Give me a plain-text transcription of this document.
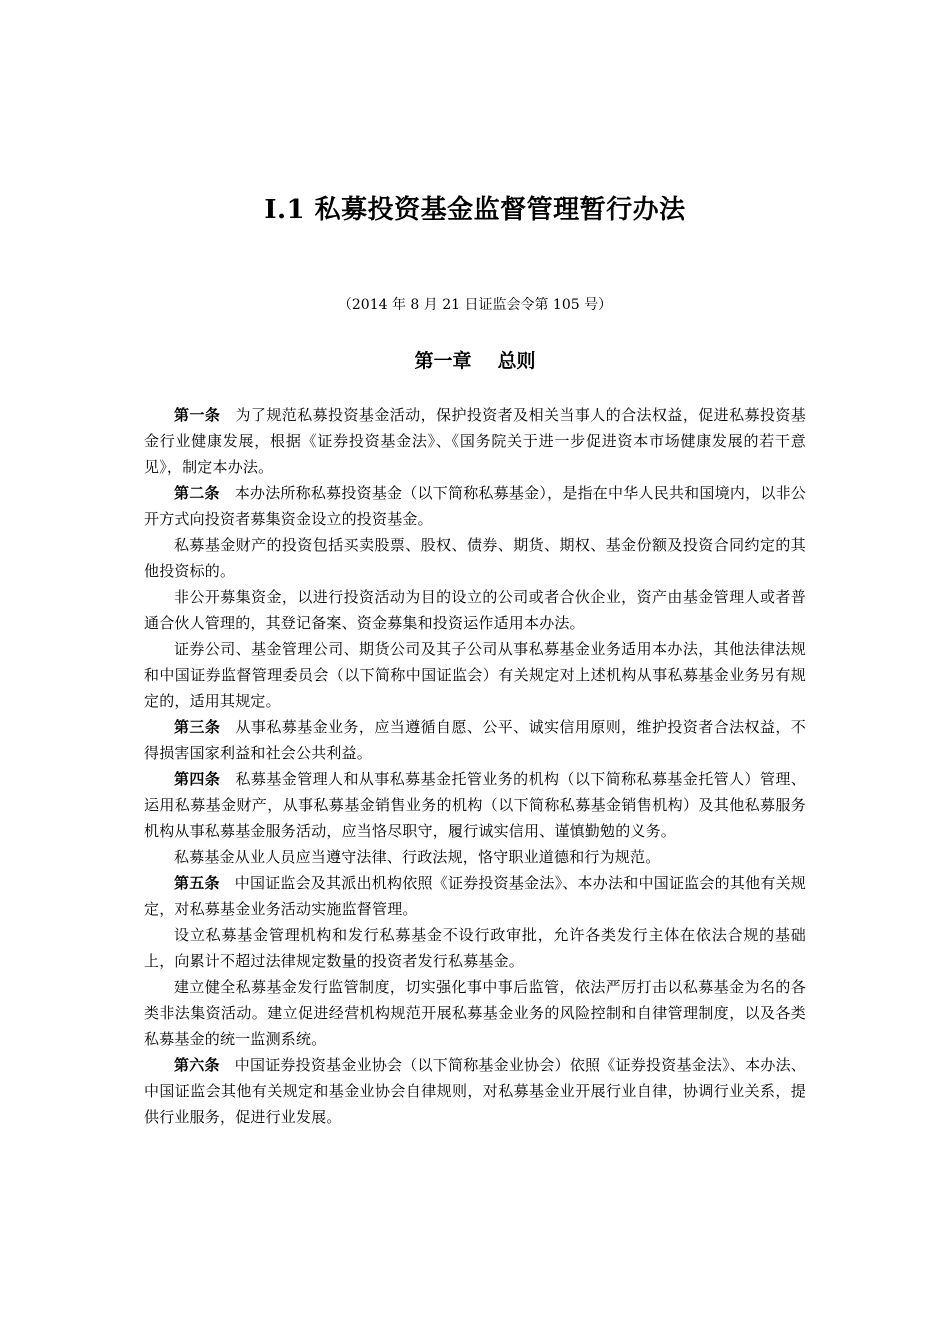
I.1 私募投资基金监督管理暂行办法

（2014 年 8 月 21 日证监会令第 105 号）

第一章 总则

第一条 为了规范私募投资基金活动，保护投资者及相关当事人的合法权益，促进私募投资基金行业健康发展，根据《证券投资基金法》、《国务院关于进一步促进资本市场健康发展的若干意见》，制定本办法。

第二条 本办法所称私募投资基金（以下简称私募基金），是指在中华人民共和国境内，以非公开方式向投资者募集资金设立的投资基金。

私募基金财产的投资包括买卖股票、股权、债券、期货、期权、基金份额及投资合同约定的其他投资标的。

非公开募集资金，以进行投资活动为目的设立的公司或者合伙企业，资产由基金管理人或者普通合伙人管理的，其登记备案、资金募集和投资运作适用本办法。

证券公司、基金管理公司、期货公司及其子公司从事私募基金业务适用本办法，其他法律法规和中国证券监督管理委员会（以下简称中国证监会）有关规定对上述机构从事私募基金业务另有规定的，适用其规定。

第三条 从事私募基金业务，应当遵循自愿、公平、诚实信用原则，维护投资者合法权益，不得损害国家利益和社会公共利益。

第四条 私募基金管理人和从事私募基金托管业务的机构（以下简称私募基金托管人）管理、运用私募基金财产，从事私募基金销售业务的机构（以下简称私募基金销售机构）及其他私募服务机构从事私募基金服务活动，应当恪尽职守，履行诚实信用、谨慎勤勉的义务。

私募基金从业人员应当遵守法律、行政法规，恪守职业道德和行为规范。

第五条 中国证监会及其派出机构依照《证券投资基金法》、本办法和中国证监会的其他有关规定，对私募基金业务活动实施监督管理。

设立私募基金管理机构和发行私募基金不设行政审批，允许各类发行主体在依法合规的基础上，向累计不超过法律规定数量的投资者发行私募基金。

建立健全私募基金发行监管制度，切实强化事中事后监管，依法严厉打击以私募基金为名的各类非法集资活动。建立促进经营机构规范开展私募基金业务的风险控制和自律管理制度，以及各类私募基金的统一监测系统。

第六条 中国证券投资基金业协会（以下简称基金业协会）依照《证券投资基金法》、本办法、中国证监会其他有关规定和基金业协会自律规则，对私募基金业开展行业自律，协调行业关系，提供行业服务，促进行业发展。
